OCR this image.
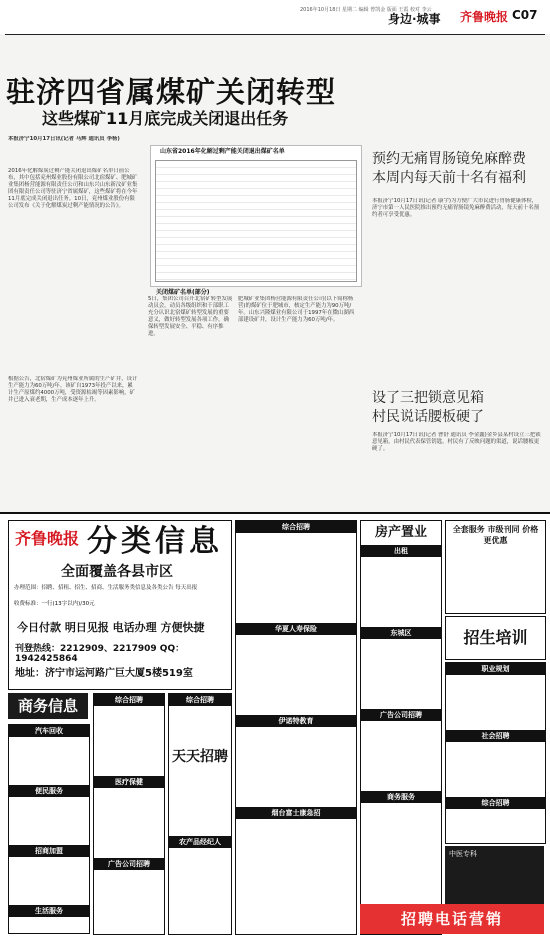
2016年10月18日 星期二 编辑 曾凯金 版面 王霞 校对 李云
身边·城事 齐鲁晚报 C07
驻济四省属煤矿关闭转型
这些煤矿11月底完成关闭退出任务
本报济宁10月17日讯(记者 马辉 通讯员 李杨)
2016年化解煤炭过剩产能关闭退出煤矿名单日前公布，其中包括兖州煤业股份有限公司北宿煤矿、肥城矿业集团杨营能源有限责任公司和山东兴山东新汶矿业集团有限责任公司等驻济宁省属煤矿，这些煤矿将在今年11月底完成关闭退出任务。10日，兖州煤业股份有限公司发布《关于化解煤炭过剩产能情况的公告》。
根据公告，北宿煤矿为兖州煤业所属的生产矿井，设计生产能力为60万吨/年。该矿自1973年投产以来，累计生产原煤约4000万吨，受资源枯竭等因素影响，矿井已进入衰老期，生产成本逐年上升。
5日，集团公司召开北宿矿转型发展动员会，动员各级组织和干部职工充分认识北宿煤矿转型发展的重要意义，做好转型发展各项工作，确保转型发展安全、平稳、有序推进。
肥城矿业集团杨营能源有限责任公司(以下简称杨营)的煤矿位于肥城市，核定生产能力为90万吨/年。山东兴隆煤业有限公司于1997年在微山湖西部建设矿井，设计生产能力为60万吨/年。
山东省2016年化解过剩产能关闭退出煤矿名单
关闭煤矿名单(部分)
预约无痛胃肠镜免麻醉费
本周内每天前十名有福利
本报济宁10月17日讯(记者 康宇)为方便广大市民进行胃肠健康体检，济宁市第一人民医院推出预约无痛胃肠镜免麻醉费活动，每天前十名预约者可享受优惠。
设了三把锁意见箱
村民说话腰板硬了
本报济宁10月17日讯(记者 曹舒 通讯员 李金鑫)金乡县某村设立三把锁意见箱，由村民代表保管钥匙，村民有了反映问题的渠道，说话腰板更硬了。
齐鲁晚报 分类信息
全面覆盖各县市区
办理范围：招聘、招租、招生、招商、生活服务类信息及各类公告 每天出报
收费标准：一行(13字以内)/30元
今日付款 明日见报 电话办理 方便快捷
刊登热线：2212909、2217909 QQ：1942425864
地址：济宁市运河路广巨大厦5楼519室
商务信息
汽车回收
便民服务
招商加盟
生活服务
综合招聘
医疗保健
广告公司招聘
综合招聘
天天招聘
农产品经纪人
综合招聘
华夏人寿保险
伊诺特教育
烟台富士康急招
房产置业
出租
东城区
广告公司招聘
商务服务
全套服务 市级刊同 价格更优惠
招生培训
职业规划
社会招聘
综合招聘
中医专科
招聘电话营销
